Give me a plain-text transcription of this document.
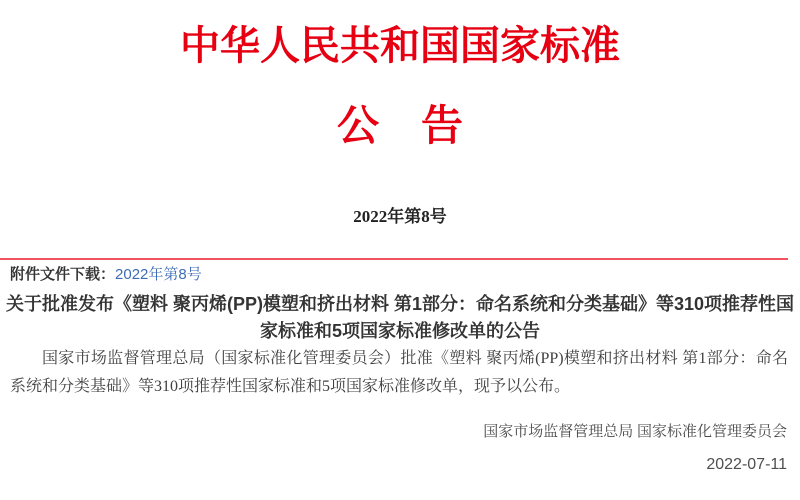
中华人民共和国国家标准
公　告
2022年第8号
附件文件下载：2022年第8号
关于批准发布《塑料 聚丙烯(PP)模塑和挤出材料 第1部分：命名系统和分类基础》等310项推荐性国
家标准和5项国家标准修改单的公告

国家市场监督管理总局（国家标准化管理委员会）批准《塑料 聚丙烯(PP)模塑和挤出材料 第1部分：命名系统和分类基础》等310项推荐性国家标准和5项国家标准修改单，现予以公布。

国家市场监督管理总局 国家标准化管理委员会
2022-07-11
